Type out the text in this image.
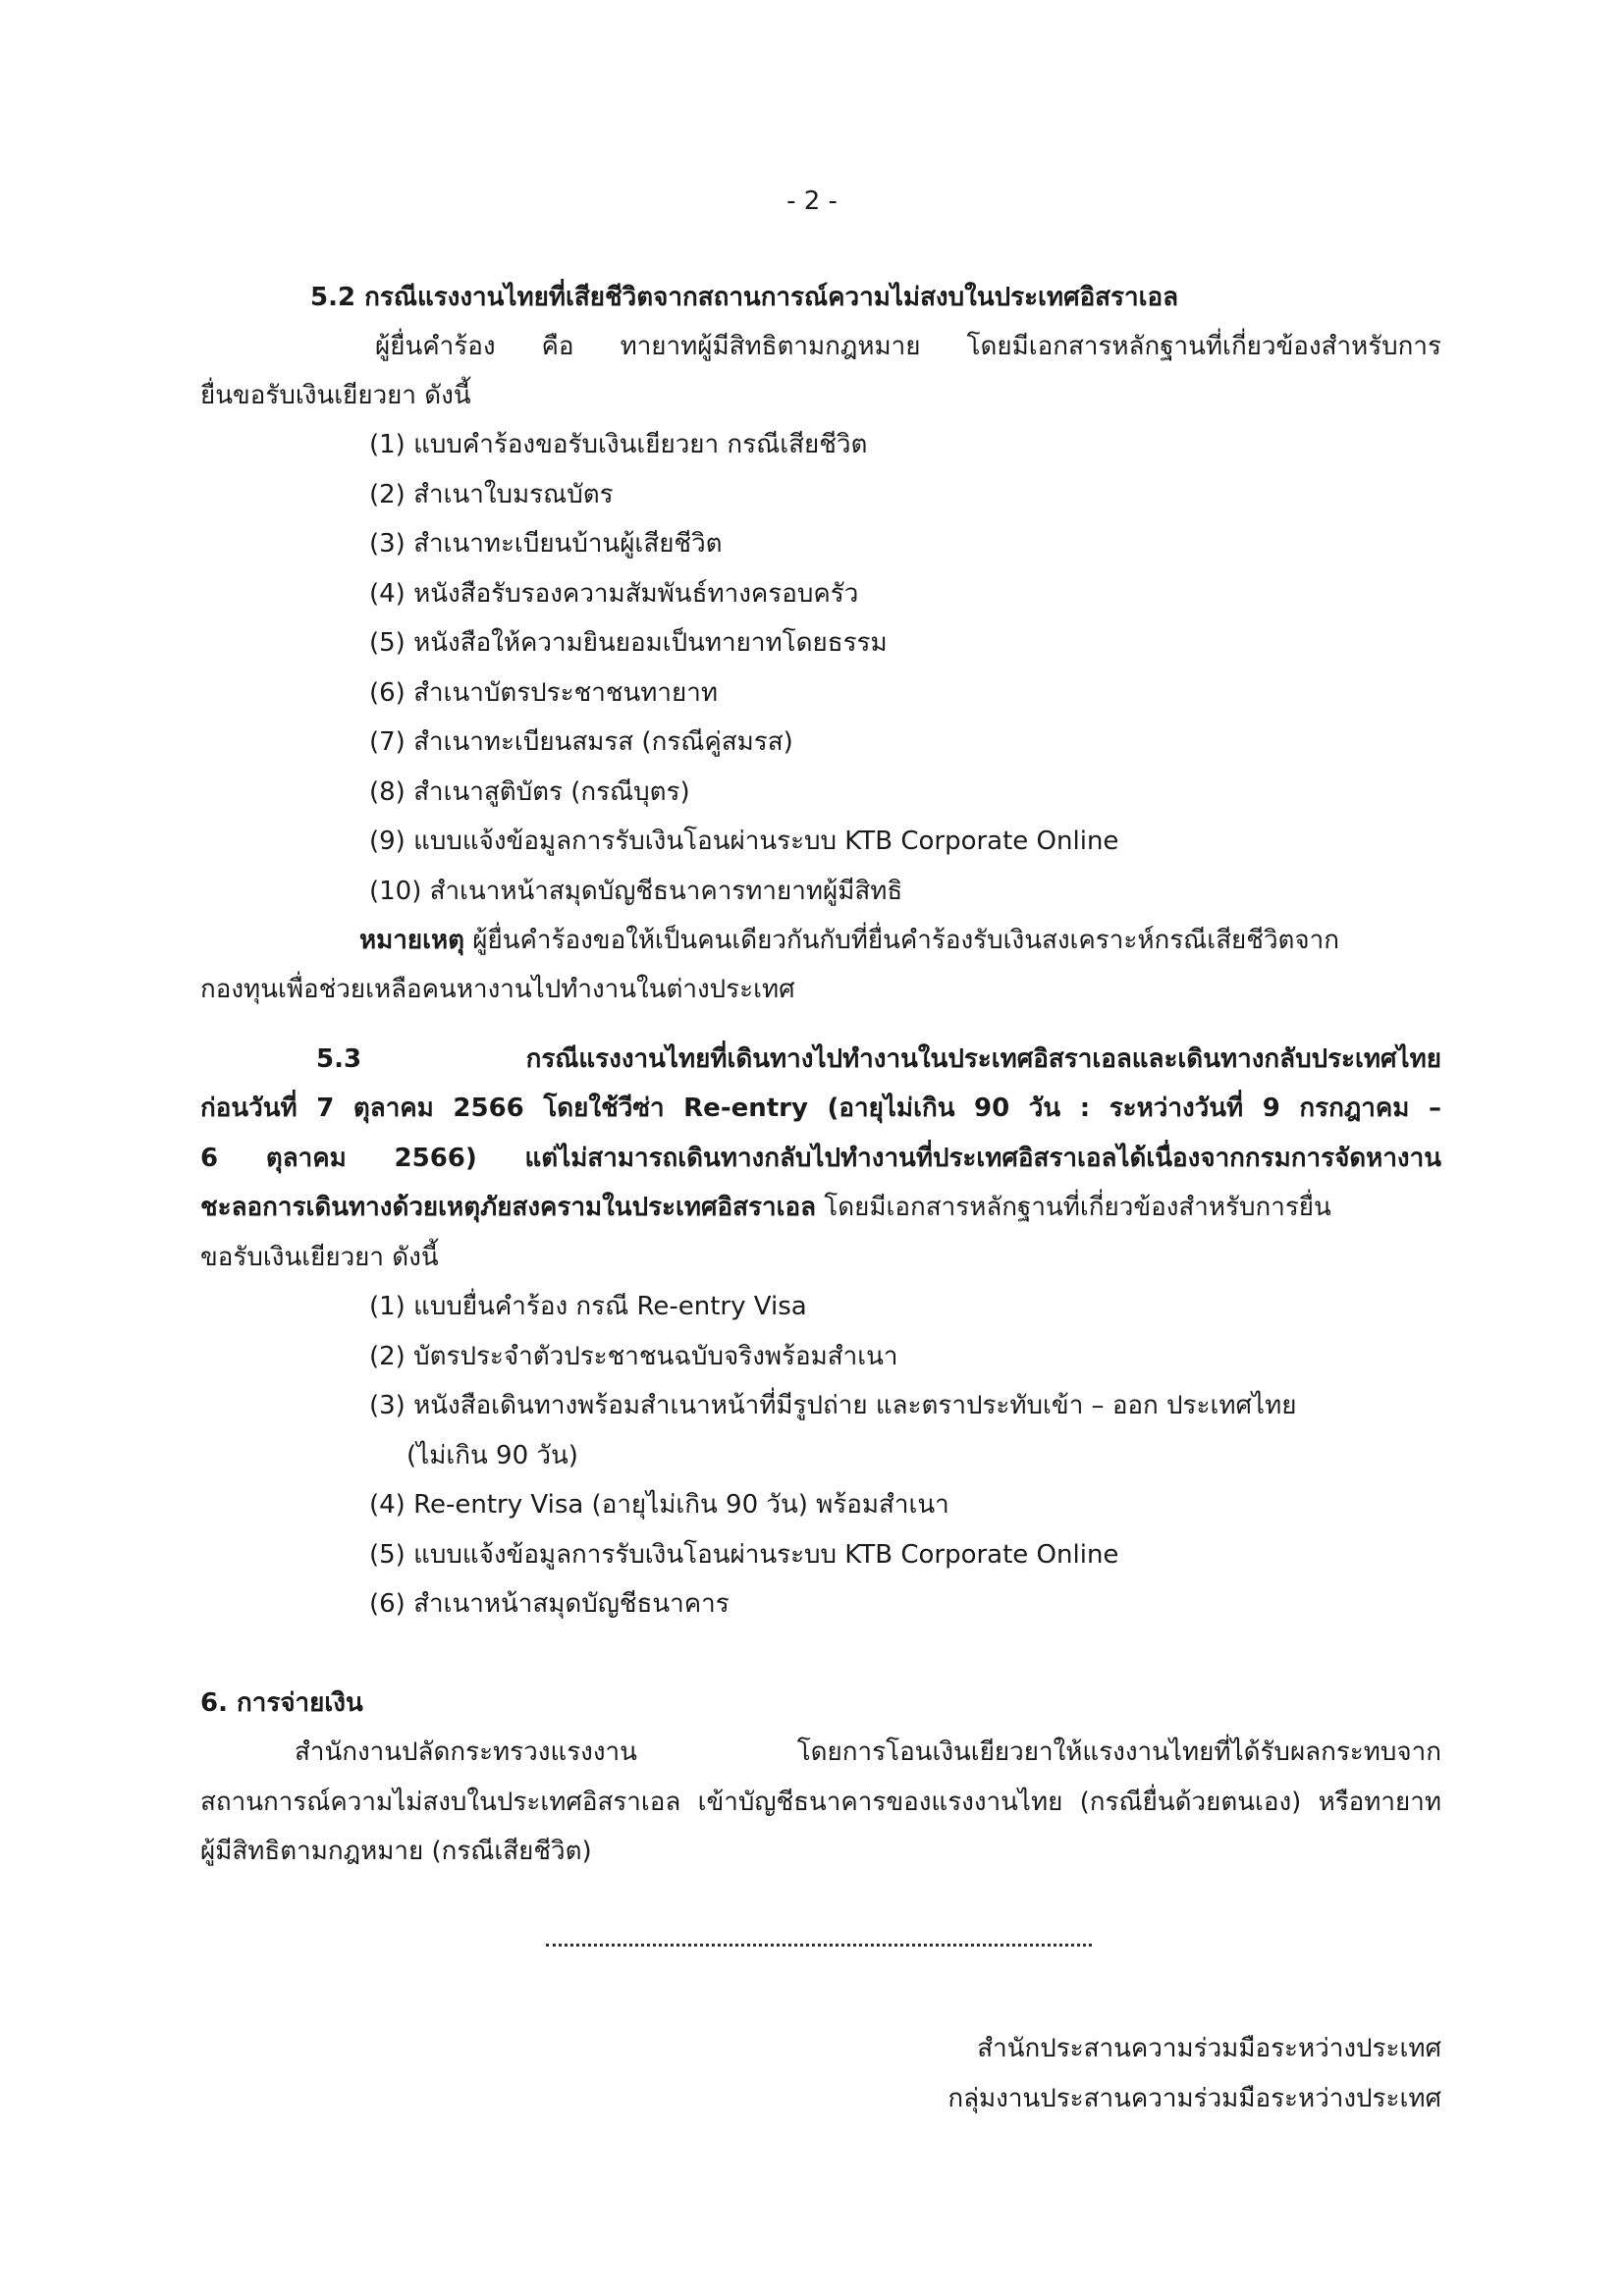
- 2 -
5.2 กรณีแรงงานไทยที่เสียชีวิตจากสถานการณ์ความไม่สงบในประเทศอิสราเอล
ผู้ยื่นคำร้อง คือ ทายาทผู้มีสิทธิตามกฎหมาย โดยมีเอกสารหลักฐานที่เกี่ยวข้องสำหรับการ
ยื่นขอรับเงินเยียวยา ดังนี้
(1) แบบคำร้องขอรับเงินเยียวยา กรณีเสียชีวิต
(2) สำเนาใบมรณบัตร
(3) สำเนาทะเบียนบ้านผู้เสียชีวิต
(4) หนังสือรับรองความสัมพันธ์ทางครอบครัว
(5) หนังสือให้ความยินยอมเป็นทายาทโดยธรรม
(6) สำเนาบัตรประชาชนทายาท
(7) สำเนาทะเบียนสมรส (กรณีคู่สมรส)
(8) สำเนาสูติบัตร (กรณีบุตร)
(9) แบบแจ้งข้อมูลการรับเงินโอนผ่านระบบ KTB Corporate Online
(10) สำเนาหน้าสมุดบัญชีธนาคารทายาทผู้มีสิทธิ
หมายเหตุ ผู้ยื่นคำร้องขอให้เป็นคนเดียวกันกับที่ยื่นคำร้องรับเงินสงเคราะห์กรณีเสียชีวิตจาก
กองทุนเพื่อช่วยเหลือคนหางานไปทำงานในต่างประเทศ
5.3 กรณีแรงงานไทยที่เดินทางไปทำงานในประเทศอิสราเอลและเดินทางกลับประเทศไทย
ก่อนวันที่ 7 ตุลาคม 2566 โดยใช้วีซ่า Re-entry (อายุไม่เกิน 90 วัน : ระหว่างวันที่ 9 กรกฎาคม –
6 ตุลาคม 2566) แต่ไม่สามารถเดินทางกลับไปทำงานที่ประเทศอิสราเอลได้เนื่องจากกรมการจัดหางาน
ชะลอการเดินทางด้วยเหตุภัยสงครามในประเทศอิสราเอล โดยมีเอกสารหลักฐานที่เกี่ยวข้องสำหรับการยื่น
ขอรับเงินเยียวยา ดังนี้
(1) แบบยื่นคำร้อง กรณี Re-entry Visa
(2) บัตรประจำตัวประชาชนฉบับจริงพร้อมสำเนา
(3) หนังสือเดินทางพร้อมสำเนาหน้าที่มีรูปถ่าย และตราประทับเข้า – ออก ประเทศไทย
(ไม่เกิน 90 วัน)
(4) Re-entry Visa (อายุไม่เกิน 90 วัน) พร้อมสำเนา
(5) แบบแจ้งข้อมูลการรับเงินโอนผ่านระบบ KTB Corporate Online
(6) สำเนาหน้าสมุดบัญชีธนาคาร
6. การจ่ายเงิน
สำนักงานปลัดกระทรวงแรงงาน โดยการโอนเงินเยียวยาให้แรงงานไทยที่ได้รับผลกระทบจาก
สถานการณ์ความไม่สงบในประเทศอิสราเอล เข้าบัญชีธนาคารของแรงงานไทย (กรณียื่นด้วยตนเอง) หรือทายาท
ผู้มีสิทธิตามกฎหมาย (กรณีเสียชีวิต)
สำนักประสานความร่วมมือระหว่างประเทศ
กลุ่มงานประสานความร่วมมือระหว่างประเทศ
